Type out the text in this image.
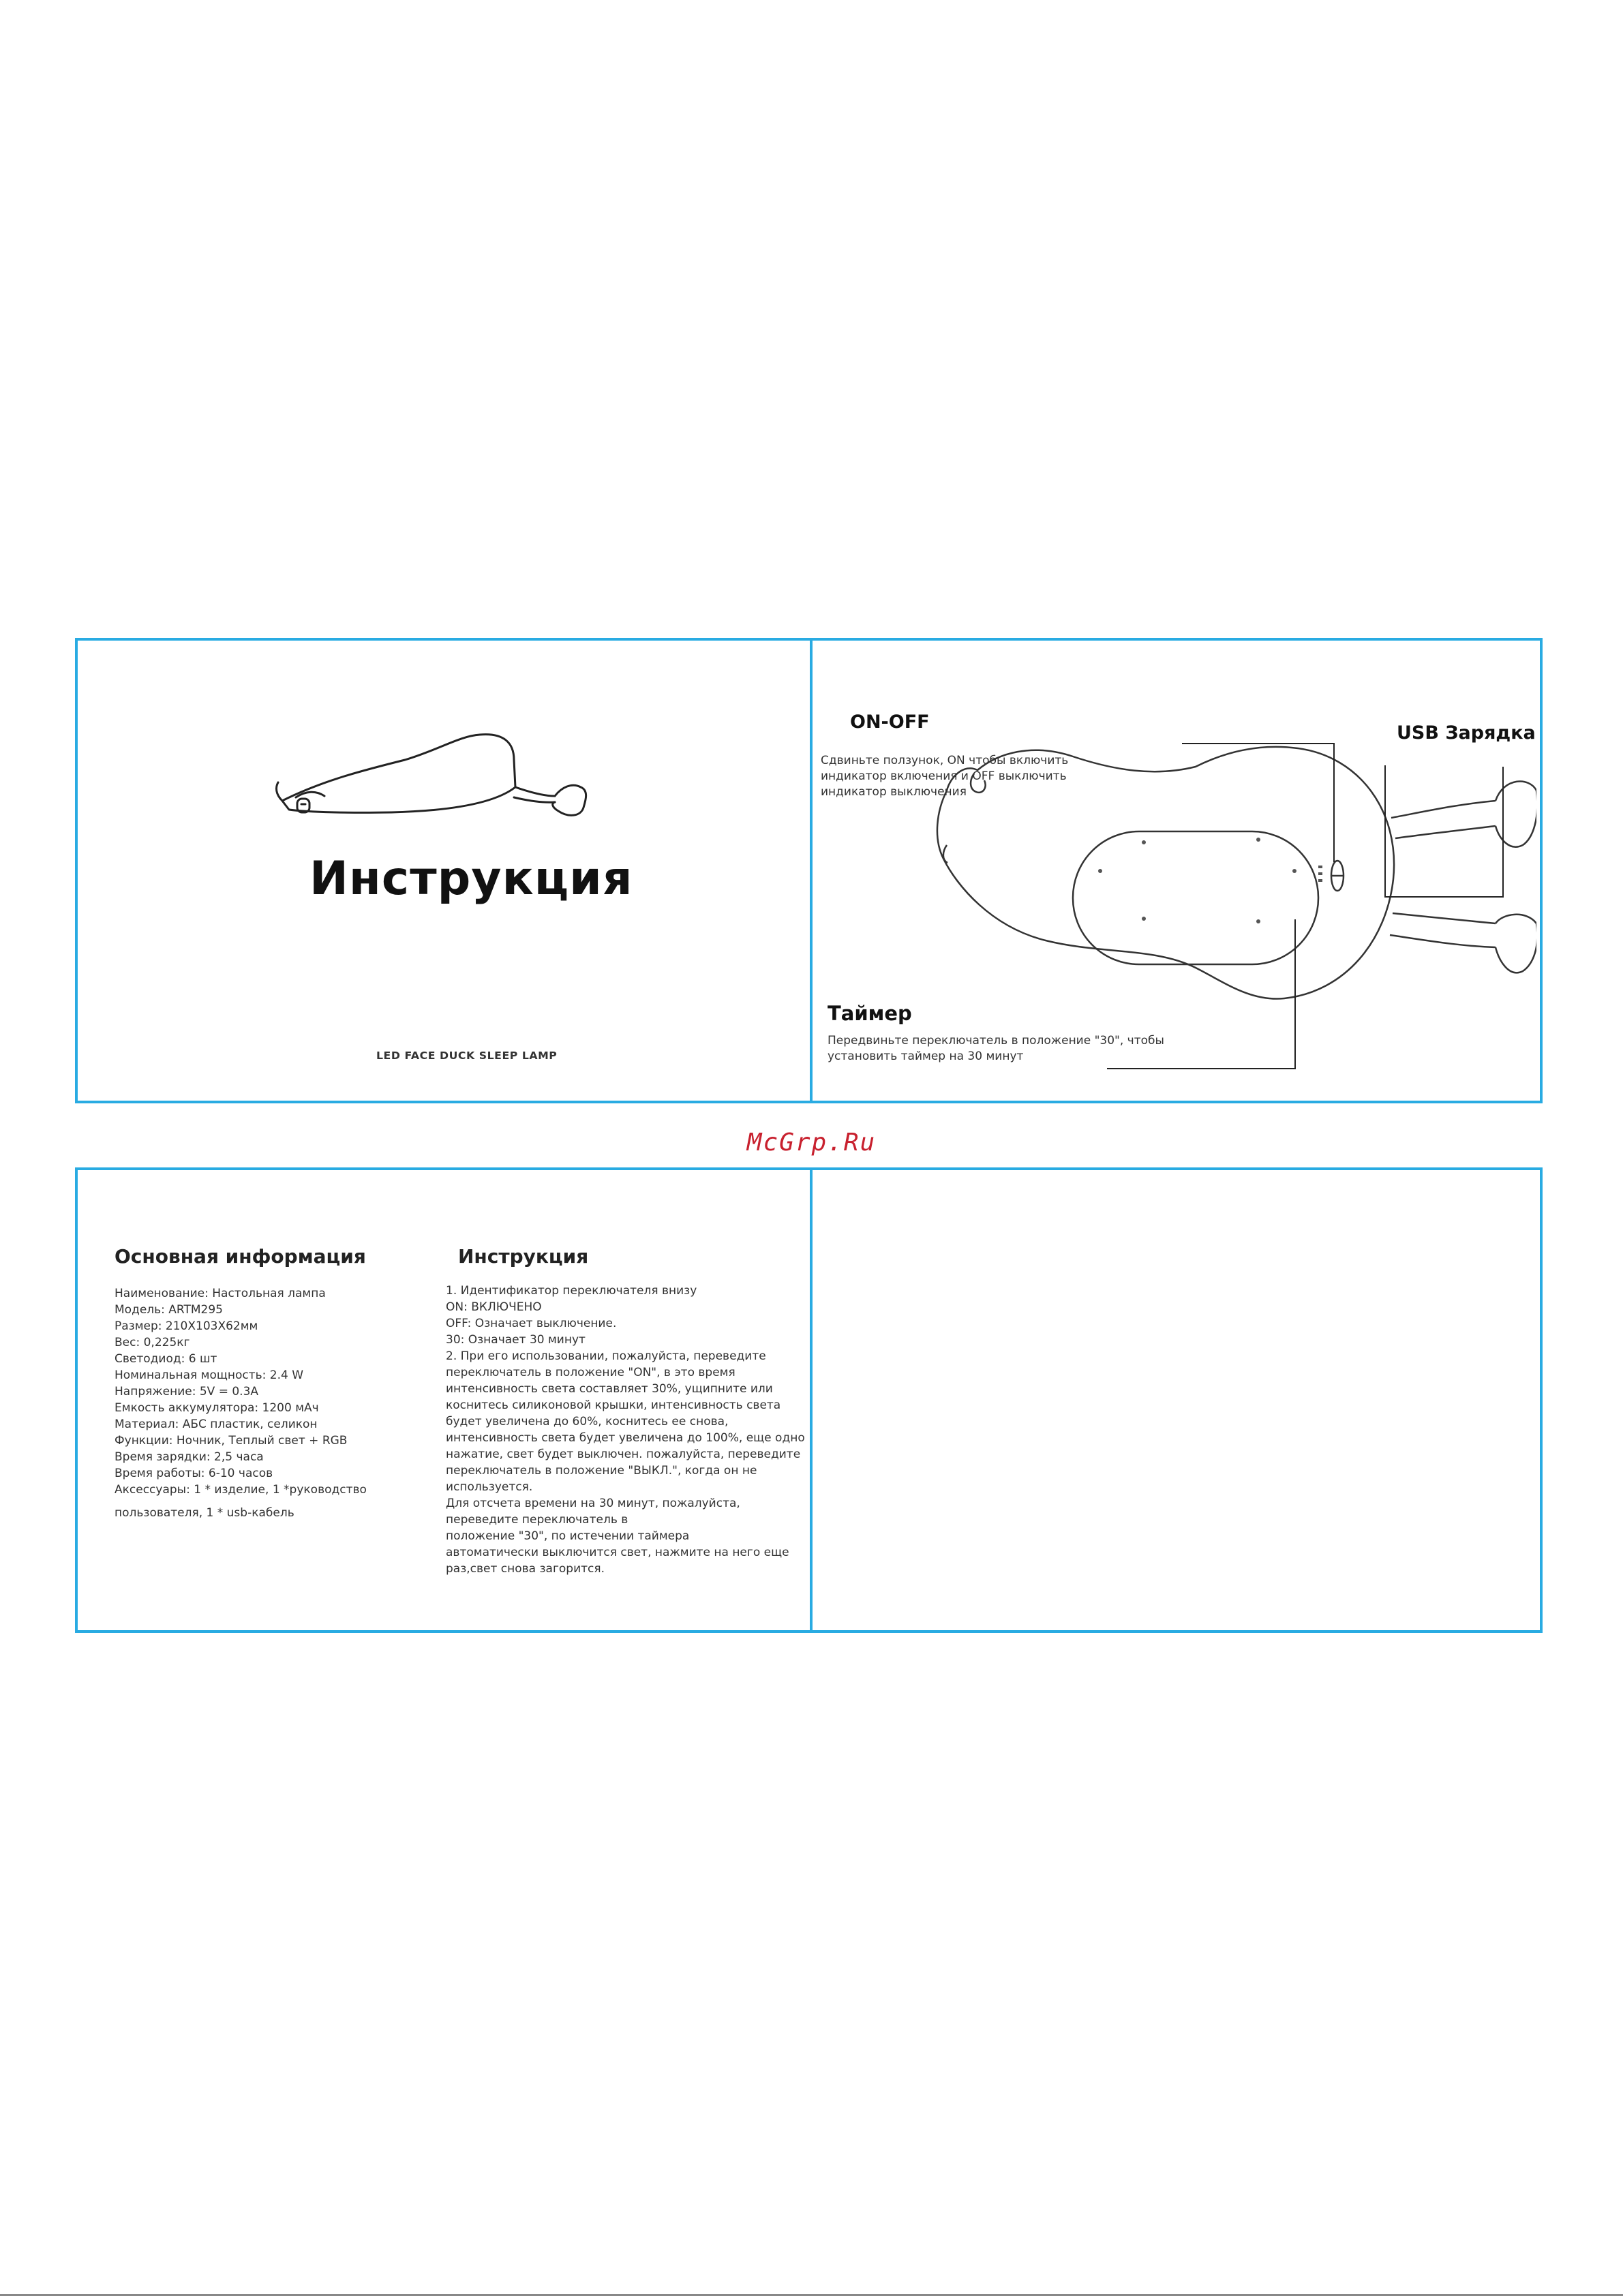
Инструкция
LED FACE DUCK SLEEP LAMP
ON-OFF
Сдвиньте ползунок, ON чтобы включить
индикатор включения и OFF выключить
индикатор выключения
USB Зарядка
Таймер
Передвиньте переключатель в положение "30", чтобы
установить таймер на 30 минут
McGrp.Ru
Основная информация
Наименование: Настольная лампа
Модель: ARTM295
Размер: 210X103X62мм
Вес: 0,225кг
Светодиод: 6 шт
Номинальная мощность: 2.4 W
Напряжение: 5V = 0.3A
Емкость аккумулятора: 1200 мАч
Материал: АБС пластик, селикон
Функции: Ночник, Теплый свет + RGB
Время зарядки: 2,5 часа
Время работы: 6-10 часов
Аксессуары: 1 * изделие, 1 *руководство
пользователя, 1 * usb-кабель
Инструкция
1. Идентификатор переключателя внизу
ON: ВКЛЮЧЕНО
OFF: Означает выключение.
30: Означает 30 минут
2. При его использовании, пожалуйста, переведите
переключатель в положение "ON", в это время
интенсивность света составляет 30%, ущипните или
коснитесь силиконовой крышки, интенсивность света
будет увеличена до 60%, коснитесь ее снова,
интенсивность света будет увеличена до 100%, еще одно
нажатие, свет будет выключен. пожалуйста, переведите
переключатель в положение "ВЫКЛ.", когда он не
используется.
Для отсчета времени на 30 минут, пожалуйста,
переведите переключатель в
положение "30", по истечении таймера
автоматически выключится свет, нажмите на него еще
раз,свет снова загорится.
